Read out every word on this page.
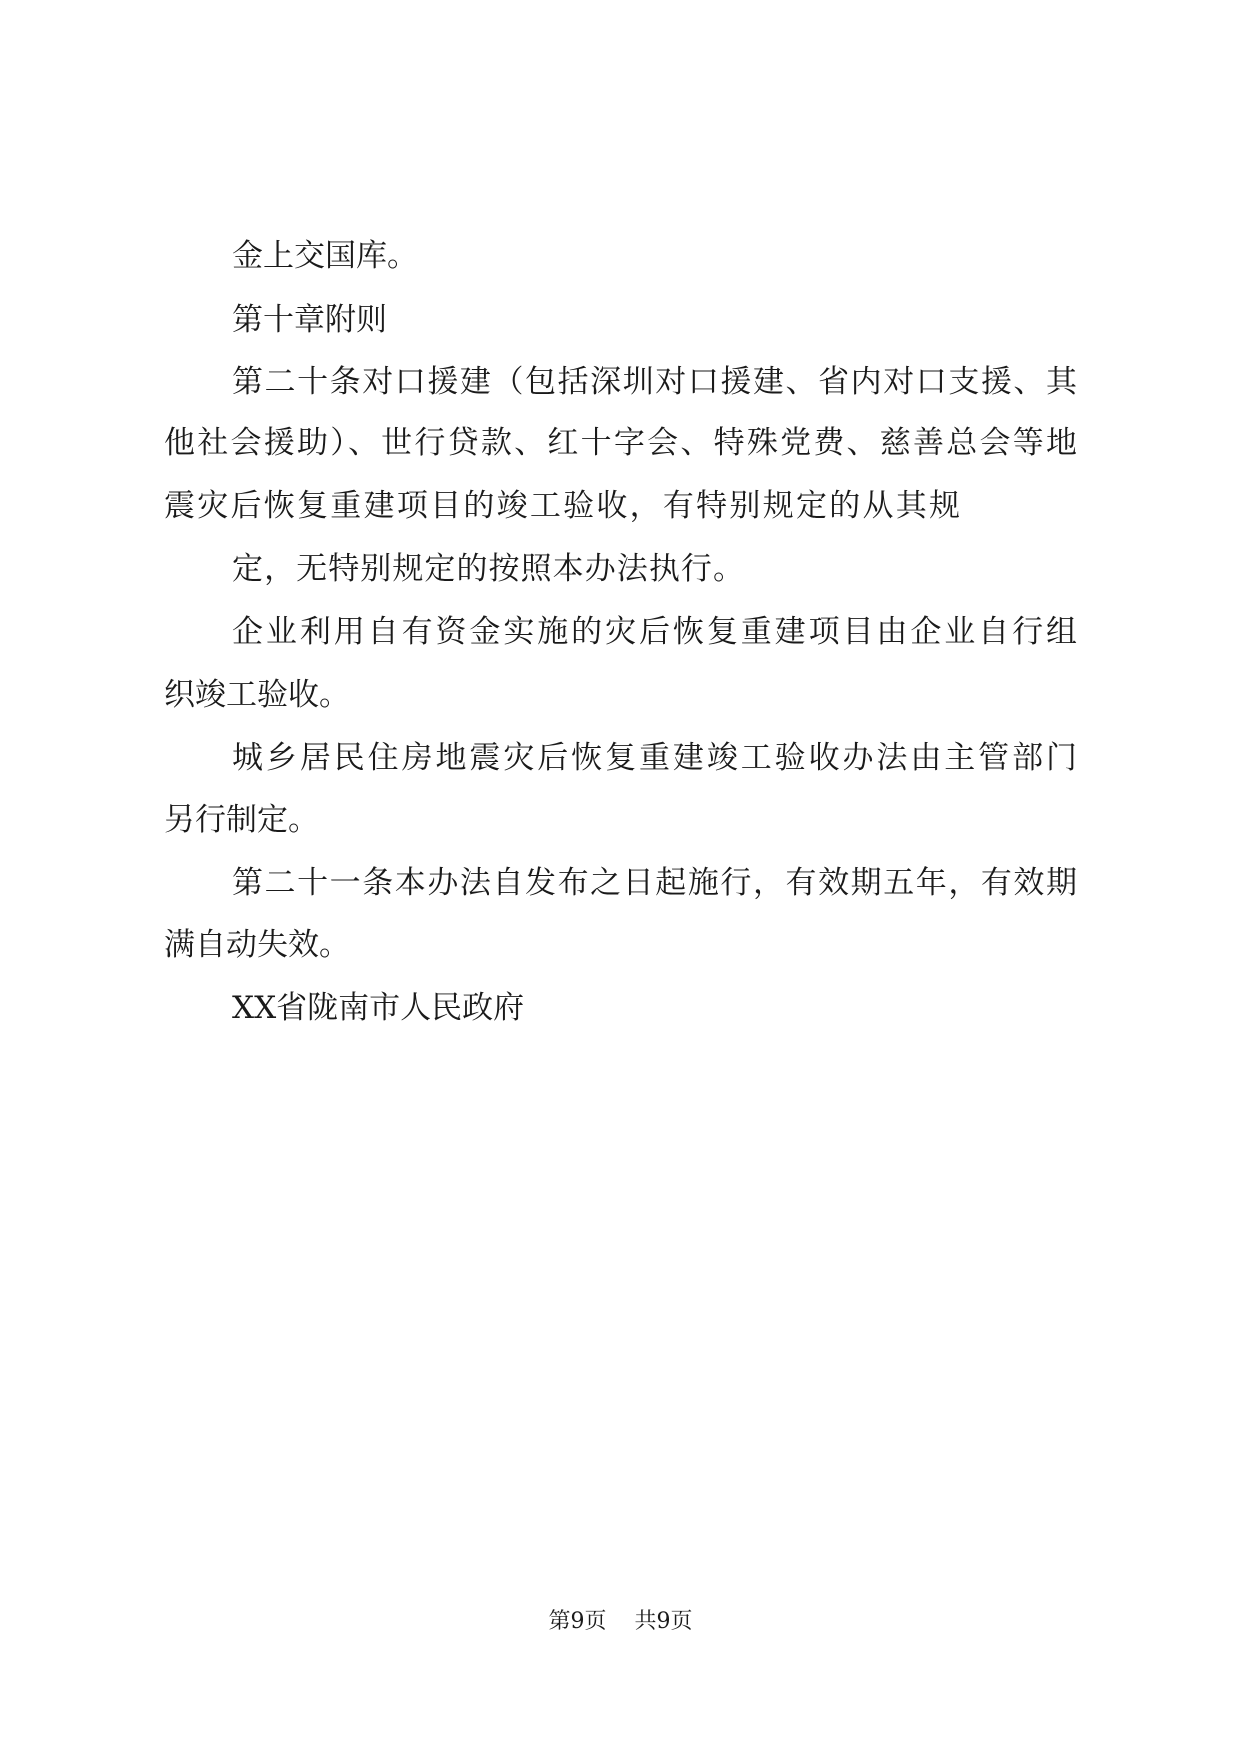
金上交国库。
第十章附则
第二十条对口援建（包括深圳对口援建、省内对口支援、其
他社会援助）、世行贷款、红十字会、特殊党费、慈善总会等地
震灾后恢复重建项目的竣工验收，有特别规定的从其规
定，无特别规定的按照本办法执行。
企业利用自有资金实施的灾后恢复重建项目由企业自行组
织竣工验收。
城乡居民住房地震灾后恢复重建竣工验收办法由主管部门
另行制定。
第二十一条本办法自发布之日起施行，有效期五年，有效期
满自动失效。
XX省陇南市人民政府
第9页 共9页
